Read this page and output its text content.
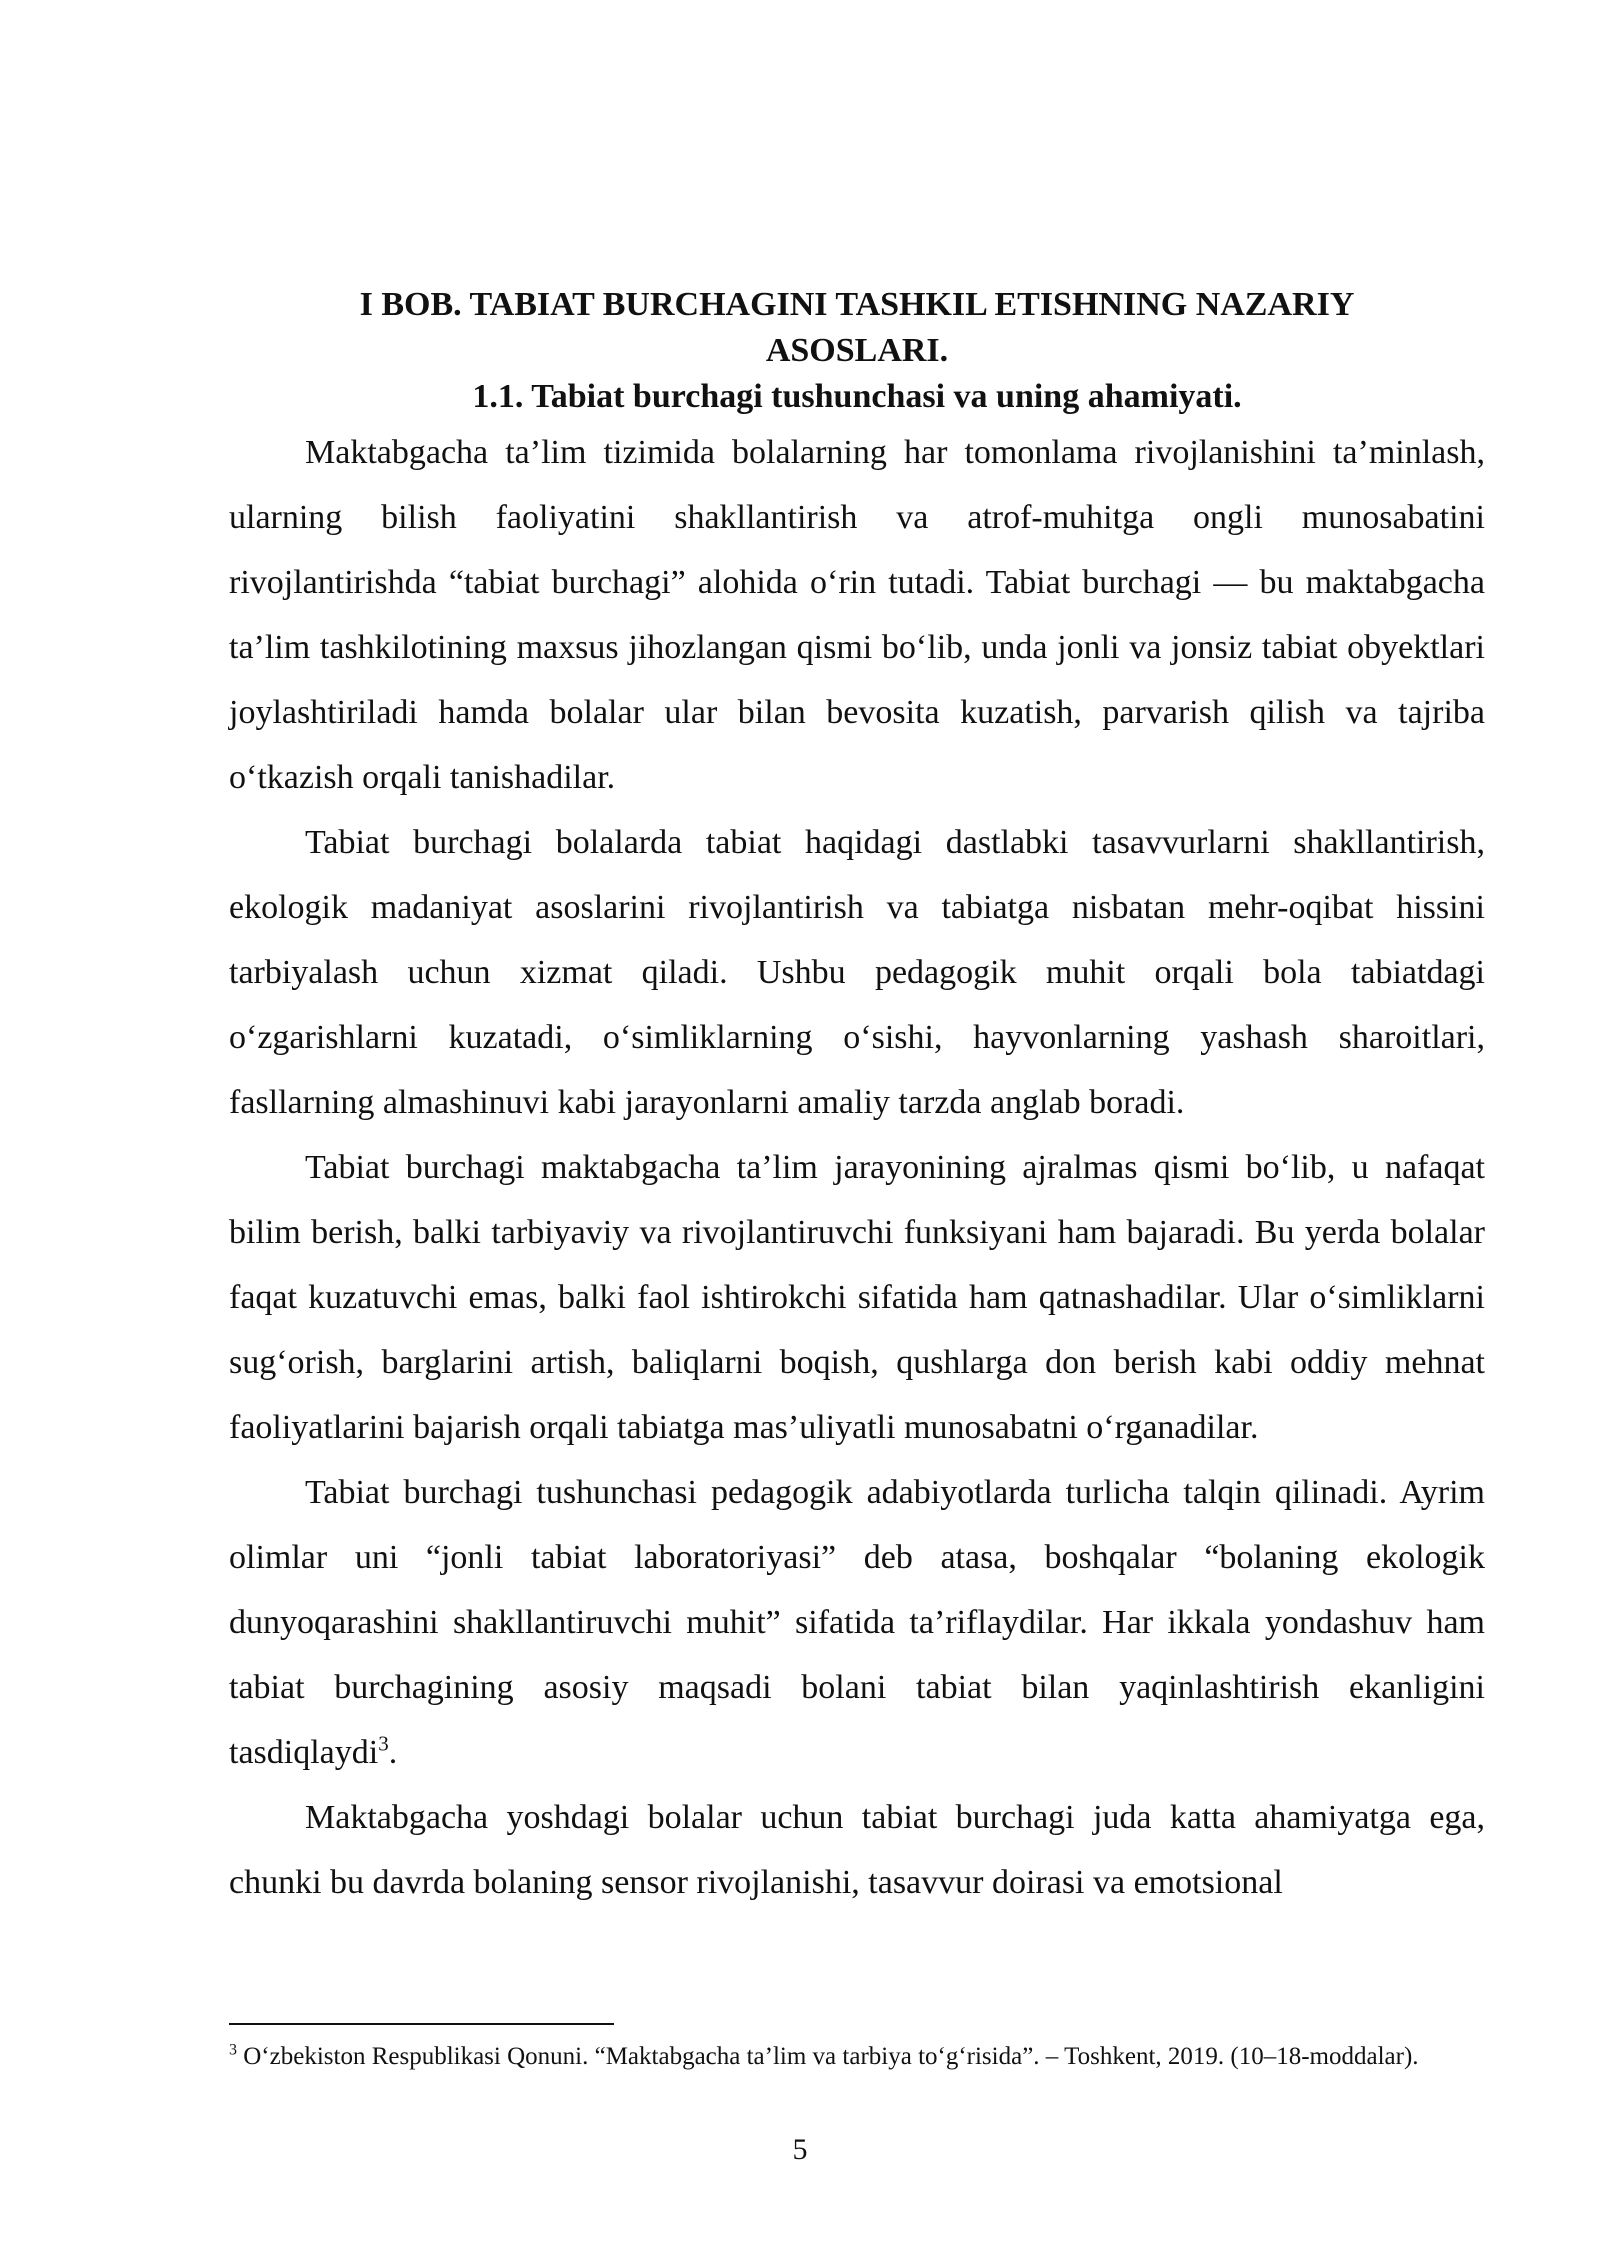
I BOB. TABIAT BURCHAGINI TASHKIL ETISHNING NAZARIY
ASOSLARI.

1.1. Tabiat burchagi tushunchasi va uning ahamiyati.

Maktabgacha ta’lim tizimida bolalarning har tomonlama rivojlanishini ta’minlash, ularning bilish faoliyatini shakllantirish va atrof-muhitga ongli munosabatini rivojlantirishda “tabiat burchagi” alohida o‘rin tutadi. Tabiat burchagi — bu maktabgacha ta’lim tashkilotining maxsus jihozlangan qismi bo‘lib, unda jonli va jonsiz tabiat obyektlari joylashtiriladi hamda bolalar ular bilan bevosita kuzatish, parvarish qilish va tajriba o‘tkazish orqali tanishadilar.

Tabiat burchagi bolalarda tabiat haqidagi dastlabki tasavvurlarni shakllantirish, ekologik madaniyat asoslarini rivojlantirish va tabiatga nisbatan mehr-oqibat hissini tarbiyalash uchun xizmat qiladi. Ushbu pedagogik muhit orqali bola tabiatdagi o‘zgarishlarni kuzatadi, o‘simliklarning o‘sishi, hayvonlarning yashash sharoitlari, fasllarning almashinuvi kabi jarayonlarni amaliy tarzda anglab boradi.

Tabiat burchagi maktabgacha ta’lim jarayonining ajralmas qismi bo‘lib, u nafaqat bilim berish, balki tarbiyaviy va rivojlantiruvchi funksiyani ham bajaradi. Bu yerda bolalar faqat kuzatuvchi emas, balki faol ishtirokchi sifatida ham qatnashadilar. Ular o‘simliklarni sug‘orish, barglarini artish, baliqlarni boqish, qushlarga don berish kabi oddiy mehnat faoliyatlarini bajarish orqali tabiatga mas’uliyatli munosabatni o‘rganadilar.

Tabiat burchagi tushunchasi pedagogik adabiyotlarda turlicha talqin qilinadi. Ayrim olimlar uni “jonli tabiat laboratoriyasi” deb atasa, boshqalar “bolaning ekologik dunyoqarashini shakllantiruvchi muhit” sifatida ta’riflaydilar. Har ikkala yondashuv ham tabiat burchagining asosiy maqsadi bolani tabiat bilan yaqinlashtirish ekanligini tasdiqlaydi$^3$.

Maktabgacha yoshdagi bolalar uchun tabiat burchagi juda katta ahamiyatga ega, chunki bu davrda bolaning sensor rivojlanishi, tasavvur doirasi va emotsional

$^3$ O‘zbekiston Respublikasi Qonuni. “Maktabgacha ta’lim va tarbiya to‘g‘risida”. – Toshkent, 2019. (10–18-moddalar).

5
